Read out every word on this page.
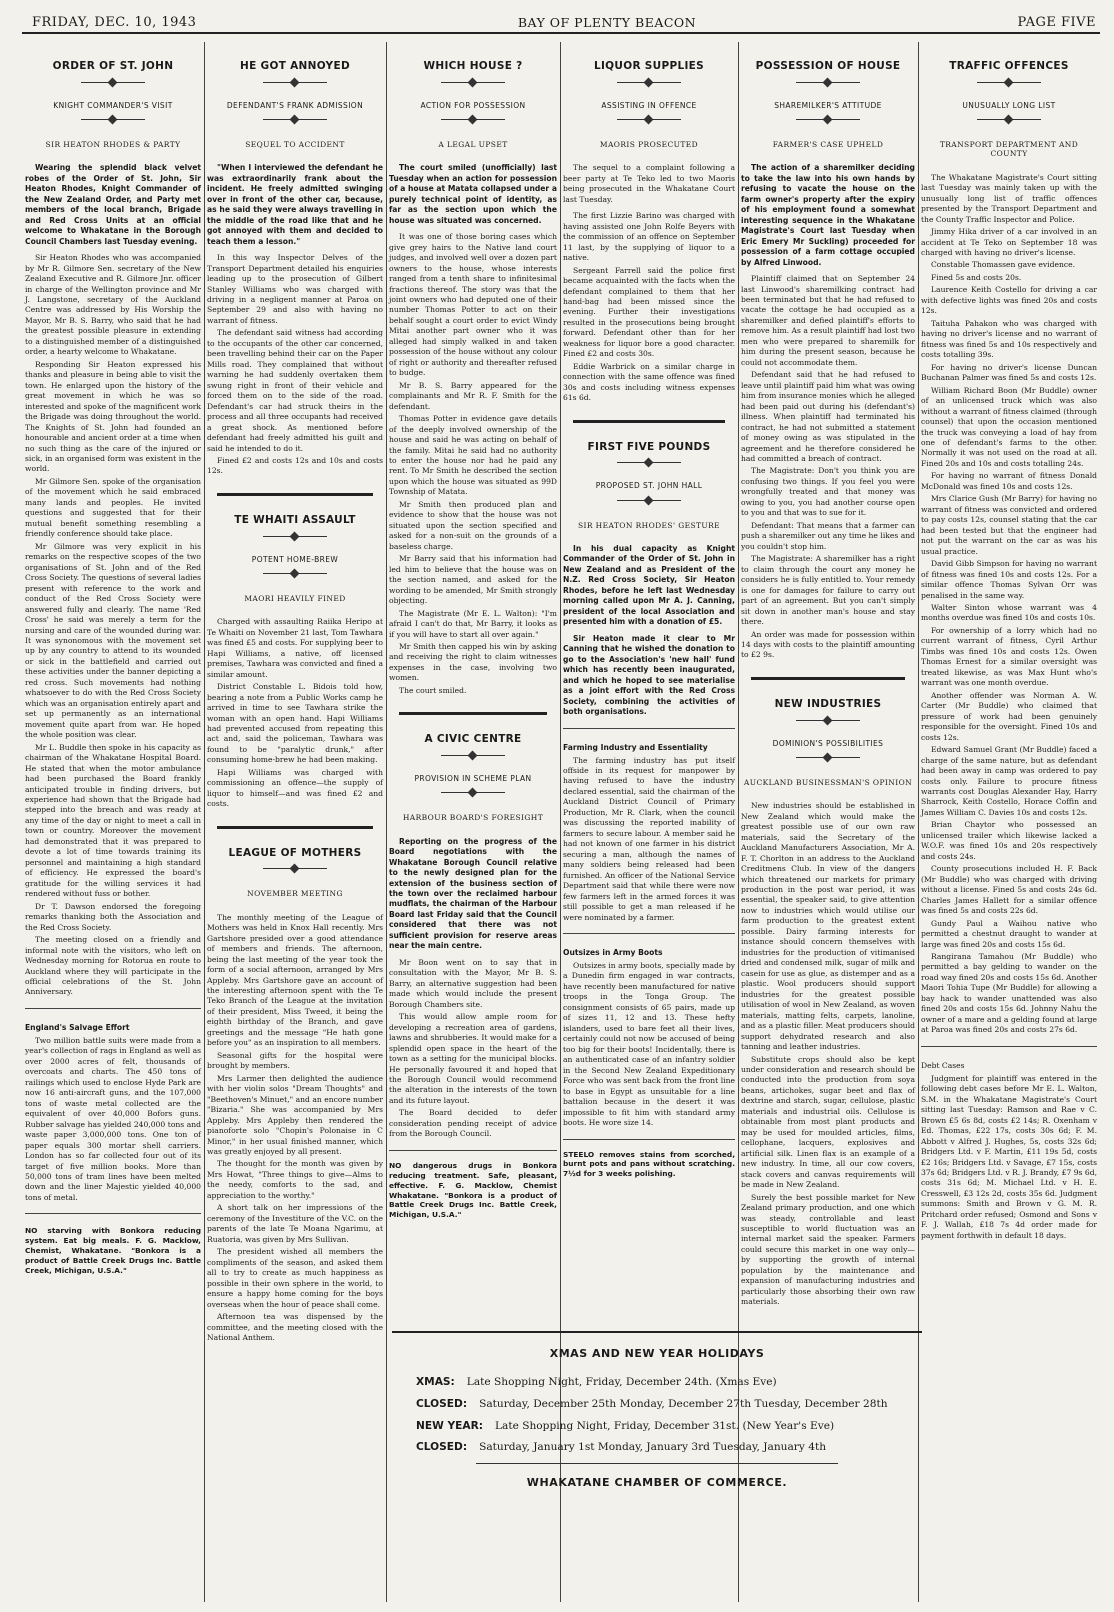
FRIDAY, DEC. 10, 1943	BAY OF PLENTY BEACON	PAGE FIVE
ORDER OF ST. JOHN
KNIGHT COMMANDER'S VISIT
SIR HEATON RHODES & PARTY

Wearing the splendid black velvet robes of the Order of St. John, Sir Heaton Rhodes, Knight Commander of the New Zealand Order, and Party met members of the local branch, Brigade and Red Cross Units at an official welcome to Whakatane in the Borough Council Chambers last Tuesday evening.

Sir Heaton Rhodes who was accompanied by Mr R. Gilmore Sen. secretary of the New Zealand Executive and R. Gilmore Jnr. officer in charge of the Wellington province and Mr J. Langstone, secretary of the Auckland Centre was addressed by His Worship the Mayor, Mr B. S. Barry, who said that he had the greatest possible pleasure in extending to a distinguished member of a distinguished order, a hearty welcome to Whakatane.

Responding Sir Heaton expressed his thanks and pleasure in being able to visit the town. He enlarged upon the history of the great movement in which he was so interested and spoke of the magnificent work the Brigade was doing throughout the world. The Knights of St. John had founded an honourable and ancient order at a time when no such thing as the care of the injured or sick, in an organised form was existent in the world.

Mr Gilmore Sen. spoke of the organisation of the movement which he said embraced many lands and peoples. He invited questions and suggested that for their mutual benefit something resembling a friendly conference should take place.

Mr Gilmore was very explicit in his remarks on the respective scopes of the two organisations of St. John and of the Red Cross Society. The questions of several ladies present with reference to the work and conduct of the Red Cross Society were answered fully and clearly. The name 'Red Cross' he said was merely a term for the nursing and care of the wounded during war. It was synonomous with the movement set up by any country to attend to its wounded or sick in the battlefield and carried out these activities under the banner depicting a red cross. Such movements had nothing whatsoever to do with the Red Cross Society which was an organisation entirely apart and set up permanently as an international movement quite apart from war. He hoped the whole position was clear.

Mr L. Buddle then spoke in his capacity as chairman of the Whakatane Hospital Board. He stated that when the motor ambulance had been purchased the Board frankly anticipated trouble in finding drivers, but experience had shown that the Brigade had stepped into the breach and was ready at any time of the day or night to meet a call in town or country. Moreover the movement had demonstrated that it was prepared to devote a lot of time towards training its personnel and maintaining a high standard of efficiency. He expressed the board's gratitude for the willing services it had rendered without fuss or bother.

Dr T. Dawson endorsed the foregoing remarks thanking both the Association and the Red Cross Society.

The meeting closed on a friendly and informal note with the visitors, who left on Wednesday morning for Rotorua en route to Auckland where they will participate in the official celebrations of the St. John Anniversary.

England's Salvage Effort

Two million battle suits were made from a year's collection of rags in England as well as over 2000 acres of felt, thousands of overcoats and charts. The 450 tons of railings which used to enclose Hyde Park are now 16 anti-aircraft guns, and the 107,000 tons of waste metal collected are the equivalent of over 40,000 Bofors guns. Rubber salvage has yielded 240,000 tons and waste paper 3,000,000 tons. One ton of paper equals 300 mortar shell carriers. London has so far collected four out of its target of five million books. More than 50,000 tons of tram lines have been melted down and the liner Majestic yielded 40,000 tons of metal.

NO starving with Bonkora reducing system. Eat big meals. F. G. Macklow, Chemist, Whakatane. "Bonkora is a product of Battle Creek Drugs Inc. Battle Creek, Michigan, U.S.A."
HE GOT ANNOYED
DEFENDANT'S FRANK ADMISSION
SEQUEL TO ACCIDENT

"When I interviewed the defendant he was extraordinarily frank about the incident. He freely admitted swinging over in front of the other car, because, as he said they were always travelling in the middle of the road like that and he got annoyed with them and decided to teach them a lesson."

In this way Inspector Delves of the Transport Department detailed his enquiries leading up to the prosecution of Gilbert Stanley Williams who was charged with driving in a negligent manner at Paroa on September 29 and also with having no warrant of fitness.

The defendant said witness had according to the occupants of the other car concerned, been travelling behind their car on the Paper Mills road. They complained that without warning he had suddenly overtaken them swung right in front of their vehicle and forced them on to the side of the road. Defendant's car had struck theirs in the process and all three occupants had received a great shock. As mentioned before defendant had freely admitted his guilt and said he intended to do it.

Fined £2 and costs 12s and 10s and costs 12s.

TE WHAITI ASSAULT
POTENT HOME-BREW
MAORI HEAVILY FINED

Charged with assaulting Raiika Heripo at Te Whaiti on November 21 last, Tom Tawhara was fined £5 and costs. For supplying beer to Hapi Williams, a native, off licensed premises, Tawhara was convicted and fined a similar amount.

District Constable L. Bidois told how, bearing a note from a Public Works camp he arrived in time to see Tawhara strike the woman with an open hand. Hapi Williams had prevented accused from repeating this act and, said the policeman, Tawhara was found to be "paralytic drunk," after consuming home-brew he had been making.

Hapi Williams was charged with commissioning an offence—the supply of liquor to himself—and was fined £2 and costs.

LEAGUE OF MOTHERS
NOVEMBER MEETING

The monthly meeting of the League of Mothers was held in Knox Hall recently. Mrs Gartshore presided over a good attendance of members and friends. The afternoon, being the last meeting of the year took the form of a social afternoon, arranged by Mrs Appleby. Mrs Gartshore gave an account of the interesting afternoon spent with the Te Teko Branch of the League at the invitation of their president, Miss Tweed, it being the eighth birthday of the Branch, and gave greetings and the message "He hath gone before you" as an inspiration to all members.

Seasonal gifts for the hospital were brought by members.

Mrs Larmer then delighted the audience with her violin solos "Dream Thoughts" and "Beethoven's Minuet," and an encore number "Bizaria." She was accompanied by Mrs Appleby. Mrs Appleby then rendered the pianoforte solo "Chopin's Polonaise in C Minor," in her usual finished manner, which was greatly enjoyed by all present.

The thought for the month was given by Mrs Howat, "Three things to give—Alms to the needy, comforts to the sad, and appreciation to the worthy."

A short talk on her impressions of the ceremony of the Investiture of the V.C. on the parents of the late Te Moana Ngarimu, at Ruatoria, was given by Mrs Sullivan.

The president wished all members the compliments of the season, and asked them all to try to create as much happiness as possible in their own sphere in the world, to ensure a happy home coming for the boys overseas when the hour of peace shall come.

Afternoon tea was dispensed by the committee, and the meeting closed with the National Anthem.

WHICH HOUSE ?
ACTION FOR POSSESSION
A LEGAL UPSET

The court smiled (unofficially) last Tuesday when an action for possession of a house at Matata collapsed under a purely technical point of identity, as far as the section upon which the house was situated was concerned.

It was one of those boring cases which give grey hairs to the Native land court judges, and involved well over a dozen part owners to the house, whose interests ranged from a tenth share to infinitesimal fractions thereof. The story was that the joint owners who had deputed one of their number Thomas Potter to act on their behalf sought a court order to evict Windy Mitai another part owner who it was alleged had simply walked in and taken possession of the house without any colour of right or authority and thereafter refused to budge.

Mr B. S. Barry appeared for the complainants and Mr R. F. Smith for the defendant.

Thomas Potter in evidence gave details of the deeply involved ownership of the house and said he was acting on behalf of the family. Mitai he said had no authority to enter the house nor had he paid any rent. To Mr Smith he described the section upon which the house was situated as 99D Township of Matata.

Mr Smith then produced plan and evidence to show that the house was not situated upon the section specified and asked for a non-suit on the grounds of a baseless charge.

Mr Barry said that his information had led him to believe that the house was on the section named, and asked for the wording to be amended, Mr Smith strongly objecting.

The Magistrate (Mr E. L. Walton): "I'm afraid I can't do that, Mr Barry, it looks as if you will have to start all over again."

Mr Smith then capped his win by asking and receiving the right to claim witnesses expenses in the case, involving two women.

The court smiled.

A CIVIC CENTRE
PROVISION IN SCHEME PLAN
HARBOUR BOARD'S FORESIGHT

Reporting on the progress of the Board negotiations with the Whakatane Borough Council relative to the newly designed plan for the extension of the business section of the town over the reclaimed harbour mudflats, the chairman of the Harbour Board last Friday said that the Council considered that there was not sufficient provision for reserve areas near the main centre.

Mr Boon went on to say that in consultation with the Mayor, Mr B. S. Barry, an alternative suggestion had been made which would include the present Borough Chambers site.

This would allow ample room for developing a recreation area of gardens, lawns and shrubberies. It would make for a splendid open space in the heart of the town as a setting for the municipal blocks. He personally favoured it and hoped that the Borough Council would recommend the alteration in the interests of the town and its future layout.

The Board decided to defer consideration pending receipt of advice from the Borough Council.

NO dangerous drugs in Bonkora reducing treatment. Safe, pleasant, effective. F. G. Macklow, Chemist Whakatane. "Bonkora is a product of Battle Creek Drugs Inc. Battle Creek, Michigan, U.S.A."
LIQUOR SUPPLIES
ASSISTING IN OFFENCE
MAORIS PROSECUTED

The sequel to a complaint following a beer party at Te Teko led to two Maoris being prosecuted in the Whakatane Court last Tuesday.

The first Lizzie Barino was charged with having assisted one John Rolfe Beyers with the commission of an offence on September 11 last, by the supplying of liquor to a native.

Sergeant Farrell said the police first became acquainted with the facts when the defendant complained to them that her hand-bag had been missed since the evening. Further their investigations resulted in the prosecutions being brought forward. Defendant other than for her weakness for liquor bore a good character. Fined £2 and costs 30s.

Eddie Warbrick on a similar charge in connection with the same offence was fined 30s and costs including witness expenses 61s 6d.

FIRST FIVE POUNDS
PROPOSED ST. JOHN HALL
SIR HEATON RHODES' GESTURE

In his dual capacity as Knight Commander of the Order of St. John in New Zealand and as President of the N.Z. Red Cross Society, Sir Heaton Rhodes, before he left last Wednesday morning called upon Mr A. J. Canning, president of the local Association and presented him with a donation of £5.

Sir Heaton made it clear to Mr Canning that he wished the donation to go to the Association's 'new hall' fund which has recently been inaugurated, and which he hoped to see materialise as a joint effort with the Red Cross Society, combining the activities of both organisations.

Farming Industry and Essentiality

The farming industry has put itself offside in its request for manpower by having refused to have the industry declared essential, said the chairman of the Auckland District Council of Primary Production, Mr R. Clark, when the council was discussing the reported inability of farmers to secure labour. A member said he had not known of one farmer in his district securing a man, although the names of many soldiers being released had been furnished. An officer of the National Service Department said that while there were now few farmers left in the armed forces it was still possible to get a man released if he were nominated by a farmer.

Outsizes in Army Boots

Outsizes in army boots, specially made by a Dunedin firm engaged in war contracts, have recently been manufactured for native troops in the Tonga Group. The consignment consists of 65 pairs, made up of sizes 11, 12 and 13. These hefty islanders, used to bare feet all their lives, certainly could not now be accused of being too big for their boots! Incidentally, there is an authenticated case of an infantry soldier in the Second New Zealand Expeditionary Force who was sent back from the front line to base in Egypt as unsuitable for a line battalion because in the desert it was impossible to fit him with standard army boots. He wore size 14.

STEELO removes stains from scorched, burnt pots and pans without scratching. 7½d for 3 weeks polishing.
POSSESSION OF HOUSE
SHAREMILKER'S ATTITUDE
FARMER'S CASE UPHELD

The action of a sharemilker deciding to take the law into his own hands by refusing to vacate the house on the farm owner's property after the expiry of his employment found a somewhat interesting sequence in the Whakatane Magistrate's Court last Tuesday when Eric Emery Mr Suckling) proceeded for possession of a farm cottage occupied by Alfred Linwood.

Plaintiff claimed that on September 24 last Linwood's sharemilking contract had been terminated but that he had refused to vacate the cottage he had occupied as a sharemilker and defied plaintiff's efforts to remove him. As a result plaintiff had lost two men who were prepared to sharemilk for him during the present season, because he could not accommodate them.

Defendant said that he had refused to leave until plaintiff paid him what was owing him from insurance monies which he alleged had been paid out during his (defendant's) illness. When plaintiff had terminated his contract, he had not submitted a statement of money owing as was stipulated in the agreement and he therefore considered he had committed a breach of contract.

The Magistrate: Don't you think you are confusing two things. If you feel you were wrongfully treated and that money was owing to you, you had another course open to you and that was to sue for it.

Defendant: That means that a farmer can push a sharemilker out any time he likes and you couldn't stop him.

The Magistrate: A sharemilker has a right to claim through the court any money he considers he is fully entitled to. Your remedy is one for damages for failure to carry out part of an agreement. But you can't simply sit down in another man's house and stay there.

An order was made for possession within 14 days with costs to the plaintiff amounting to £2 9s.

NEW INDUSTRIES
DOMINION'S POSSIBILITIES
AUCKLAND BUSINESSMAN'S OPINION

New industries should be established in New Zealand which would make the greatest possible use of our own raw materials, said the Secretary of the Auckland Manufacturers Association, Mr A. F. T. Chorlton in an address to the Auckland Creditmens Club. In view of the dangers which threatened our markets for primary production in the post war period, it was essential, the speaker said, to give attention now to industries which would utilise our farm production to the greatest extent possible. Dairy farming interests for instance should concern themselves with industries for the production of vitimanised dried and condensed milk, sugar of milk and casein for use as glue, as distemper and as a plastic. Wool producers should support industries for the greatest possible utilisation of wool in New Zealand, as woven materials, matting felts, carpets, lanoline, and as a plastic filler. Meat producers should support dehydrated research and also tanning and leather industries.

Substitute crops should also be kept under consideration and research should be conducted into the production from soya beans, artichokes, sugar beet and flax of dextrine and starch, sugar, cellulose, plastic materials and industrial oils. Cellulose is obtainable from most plant products and may be used for moulded articles, films, cellophane, lacquers, explosives and artificial silk. Linen flax is an example of a new industry. In time, all our cow covers, stack covers and canvas requirements will be made in New Zealand.

Surely the best possible market for New Zealand primary production, and one which was steady, controllable and least susceptible to world fluctuation was an internal market said the speaker. Farmers could secure this market in one way only—by supporting the growth of internal population by the maintenance and expansion of manufacturing industries and particularly those absorbing their own raw materials.

TRAFFIC OFFENCES
UNUSUALLY LONG LIST
TRANSPORT DEPARTMENT AND COUNTY

The Whakatane Magistrate's Court sitting last Tuesday was mainly taken up with the unusually long list of traffic offences presented by the Transport Department and the County Traffic Inspector and Police.

Jimmy Hika driver of a car involved in an accident at Te Teko on September 18 was charged with having no driver's license.

Constable Thomassen gave evidence.

Fined 5s and costs 20s.

Laurence Keith Costello for driving a car with defective lights was fined 20s and costs 12s.

Taituha Pahakon who was charged with having no driver's license and no warrant of fitness was fined 5s and 10s respectively and costs totalling 39s.

For having no driver's license Duncan Buchanan Palmer was fined 5s and costs 12s.

William Richard Boon (Mr Buddle) owner of an unlicensed truck which was also without a warrant of fitness claimed (through counsel) that upon the occasion mentioned the truck was conveying a load of hay from one of defendant's farms to the other. Normally it was not used on the road at all. Fined 20s and 10s and costs totalling 24s.

For having no warrant of fitness Donald McDonald was fined 10s and costs 12s.

Mrs Clarice Gush (Mr Barry) for having no warrant of fitness was convicted and ordered to pay costs 12s, counsel stating that the car had been tested but that the engineer had not put the warrant on the car as was his usual practice.

David Gibb Simpson for having no warrant of fitness was fined 10s and costs 12s. For a similar offence Thomas Sylvan Orr was penalised in the same way.

Walter Sinton whose warrant was 4 months overdue was fined 10s and costs 10s.

For ownership of a lorry which had no current warrant of fitness, Cyril Arthur Timbs was fined 10s and costs 12s. Owen Thomas Ernest for a similar oversight was treated likewise, as was Max Hunt who's warrant was one month overdue.

Another offender was Norman A. W. Carter (Mr Buddle) who claimed that pressure of work had been genuinely responsible for the oversight. Fined 10s and costs 12s.

Edward Samuel Grant (Mr Buddle) faced a charge of the same nature, but as defendant had been away in camp was ordered to pay costs only. Failure to procure fitness warrants cost Douglas Alexander Hay, Harry Sharrock, Keith Costello, Horace Coffin and James William C. Davies 10s and costs 12s.

Brian Chaytor who possessed an unlicensed trailer which likewise lacked a W.O.F. was fined 10s and 20s respectively and costs 24s.

County prosecutions included H. F. Back (Mr Buddle) who was charged with driving without a license. Fined 5s and costs 24s 6d. Charles James Hallett for a similar offence was fined 5s and costs 22s 6d.

Gundy Paul a Waihou native who permitted a chestnut draught to wander at large was fined 20s and costs 15s 6d.

Rangirana Tamahou (Mr Buddle) who permitted a bay gelding to wander on the road way fined 20s and costs 15s 6d. Another Maori Tohia Tupe (Mr Buddle) for allowing a bay hack to wander unattended was also fined 20s and costs 15s 6d. Johnny Nahu the owner of a mare and a gelding found at large at Paroa was fined 20s and costs 27s 6d.

Debt Cases

Judgment for plaintiff was entered in the following debt cases before Mr E. L. Walton, S.M. in the Whakatane Magistrate's Court sitting last Tuesday: Ramson and Rae v C. Brown £5 6s 8d, costs £2 14s; R. Oxenham v Ed. Thomas, £22 17s, costs 30s 6d; F. M. Abbott v Alfred J. Hughes, 5s, costs 32s 6d; Bridgers Ltd. v F. Martin, £11 19s 5d, costs £2 16s; Bridgers Ltd. v Savage, £7 15s, costs 37s 6d; Bridgers Ltd. v R. J. Brandy, £7 9s 6d, costs 31s 6d; M. Michael Ltd. v H. E. Cresswell, £3 12s 2d, costs 35s 6d. Judgment summons: Smith and Brown v G. M. R. Pritchard order refused; Osmond and Sons v F. J. Wallah, £18 7s 4d order made for payment forthwith in default 18 days.

XMAS AND NEW YEAR HOLIDAYS
XMAS: Late Shopping Night, Friday, December 24th. (Xmas Eve)
CLOSED: Saturday, December 25th Monday, December 27th Tuesday, December 28th
NEW YEAR: Late Shopping Night, Friday, December 31st. (New Year's Eve)
CLOSED: Saturday, January 1st Monday, January 3rd Tuesday, January 4th
WHAKATANE CHAMBER OF COMMERCE.
